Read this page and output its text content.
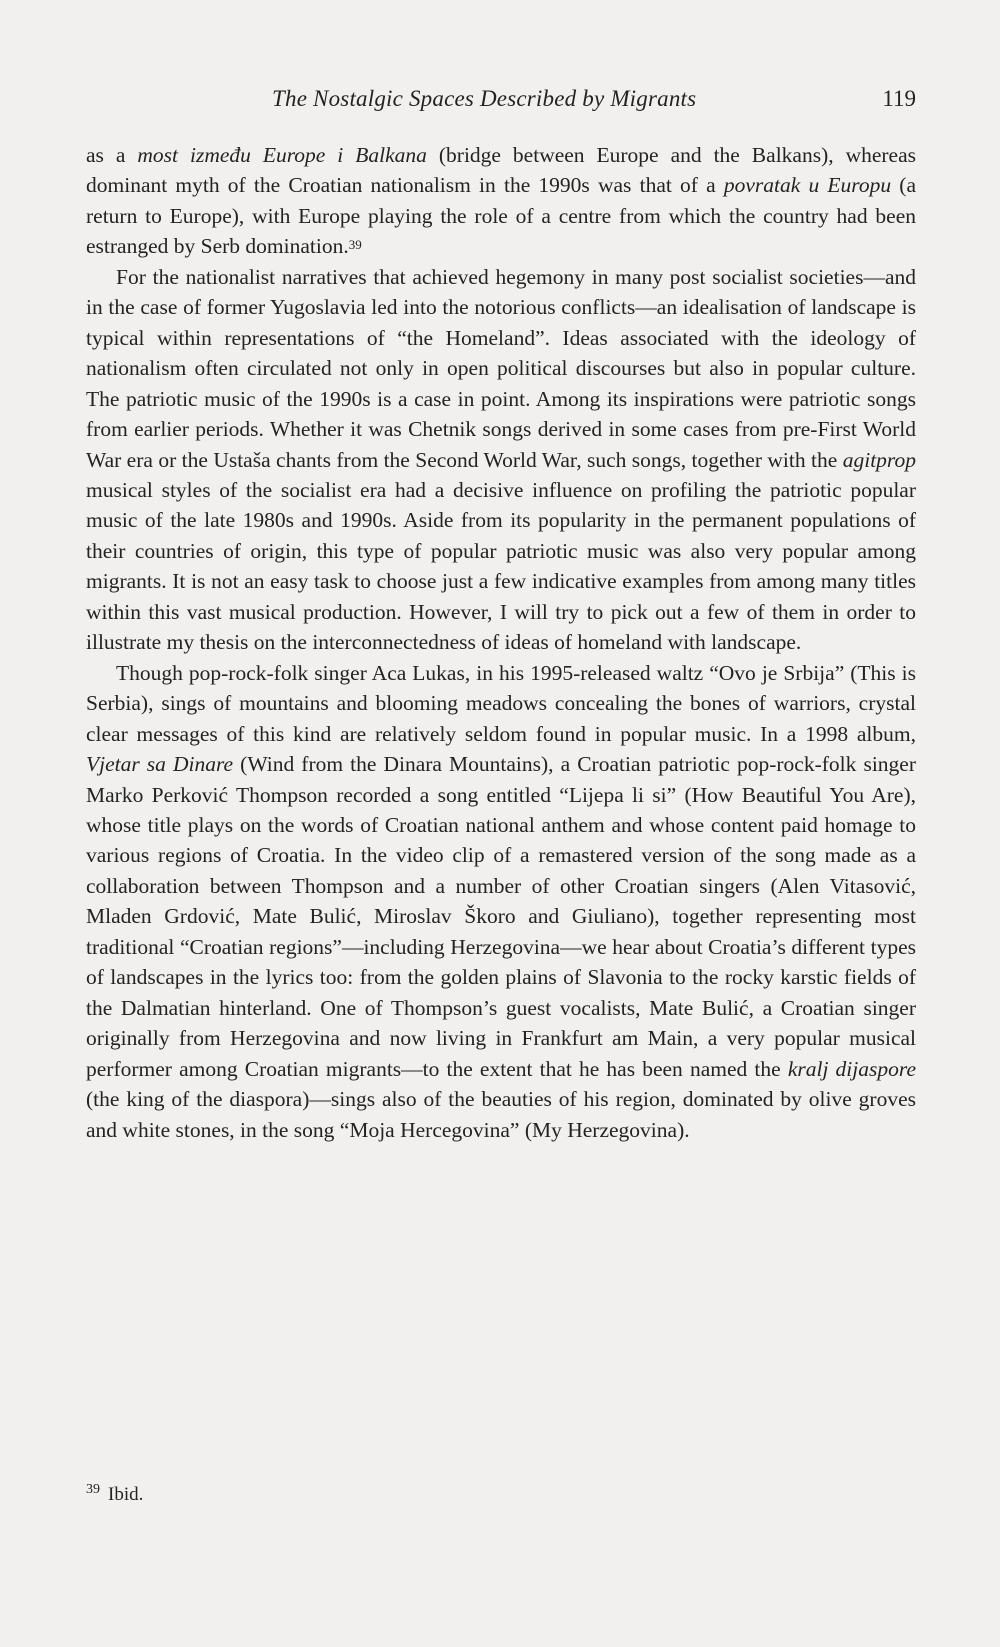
The Nostalgic Spaces Described by Migrants	119

as a most između Europe i Balkana (bridge between Europe and the Balkans), whereas dominant myth of the Croatian nationalism in the 1990s was that of a povratak u Europu (a return to Europe), with Europe playing the role of a centre from which the country had been estranged by Serb domination.$^{39}$

For the nationalist narratives that achieved hegemony in many post socialist societies—and in the case of former Yugoslavia led into the notorious conflicts—an idealisation of landscape is typical within representations of “the Homeland”. Ideas associated with the ideology of nationalism often circulated not only in open political discourses but also in popular culture. The patriotic music of the 1990s is a case in point. Among its inspirations were patriotic songs from earlier periods. Whether it was Chetnik songs derived in some cases from pre-First World War era or the Ustaša chants from the Second World War, such songs, together with the agitprop musical styles of the socialist era had a decisive influence on profiling the patriotic popular music of the late 1980s and 1990s. Aside from its popularity in the permanent populations of their countries of origin, this type of popular patriotic music was also very popular among migrants. It is not an easy task to choose just a few indicative examples from among many titles within this vast musical production. However, I will try to pick out a few of them in order to illustrate my thesis on the interconnectedness of ideas of homeland with landscape.

Though pop-rock-folk singer Aca Lukas, in his 1995-released waltz “Ovo je Srbija” (This is Serbia), sings of mountains and blooming meadows concealing the bones of warriors, crystal clear messages of this kind are relatively seldom found in popular music. In a 1998 album, Vjetar sa Dinare (Wind from the Dinara Mountains), a Croatian patriotic pop-rock-folk singer Marko Perković Thompson recorded a song entitled “Lijepa li si” (How Beautiful You Are), whose title plays on the words of Croatian national anthem and whose content paid homage to various regions of Croatia. In the video clip of a remastered version of the song made as a collaboration between Thompson and a number of other Croatian singers (Alen Vitasović, Mladen Grdović, Mate Bulić, Miroslav Škoro and Giuliano), together representing most traditional “Croatian regions”—including Herzegovina—we hear about Croatia’s different types of landscapes in the lyrics too: from the golden plains of Slavonia to the rocky karstic fields of the Dalmatian hinterland. One of Thompson’s guest vocalists, Mate Bulić, a Croatian singer originally from Herzegovina and now living in Frankfurt am Main, a very popular musical performer among Croatian migrants—to the extent that he has been named the kralj dijaspore (the king of the diaspora)—sings also of the beauties of his region, dominated by olive groves and white stones, in the song “Moja Hercegovina” (My Herzegovina).

$^{39}$ Ibid.
